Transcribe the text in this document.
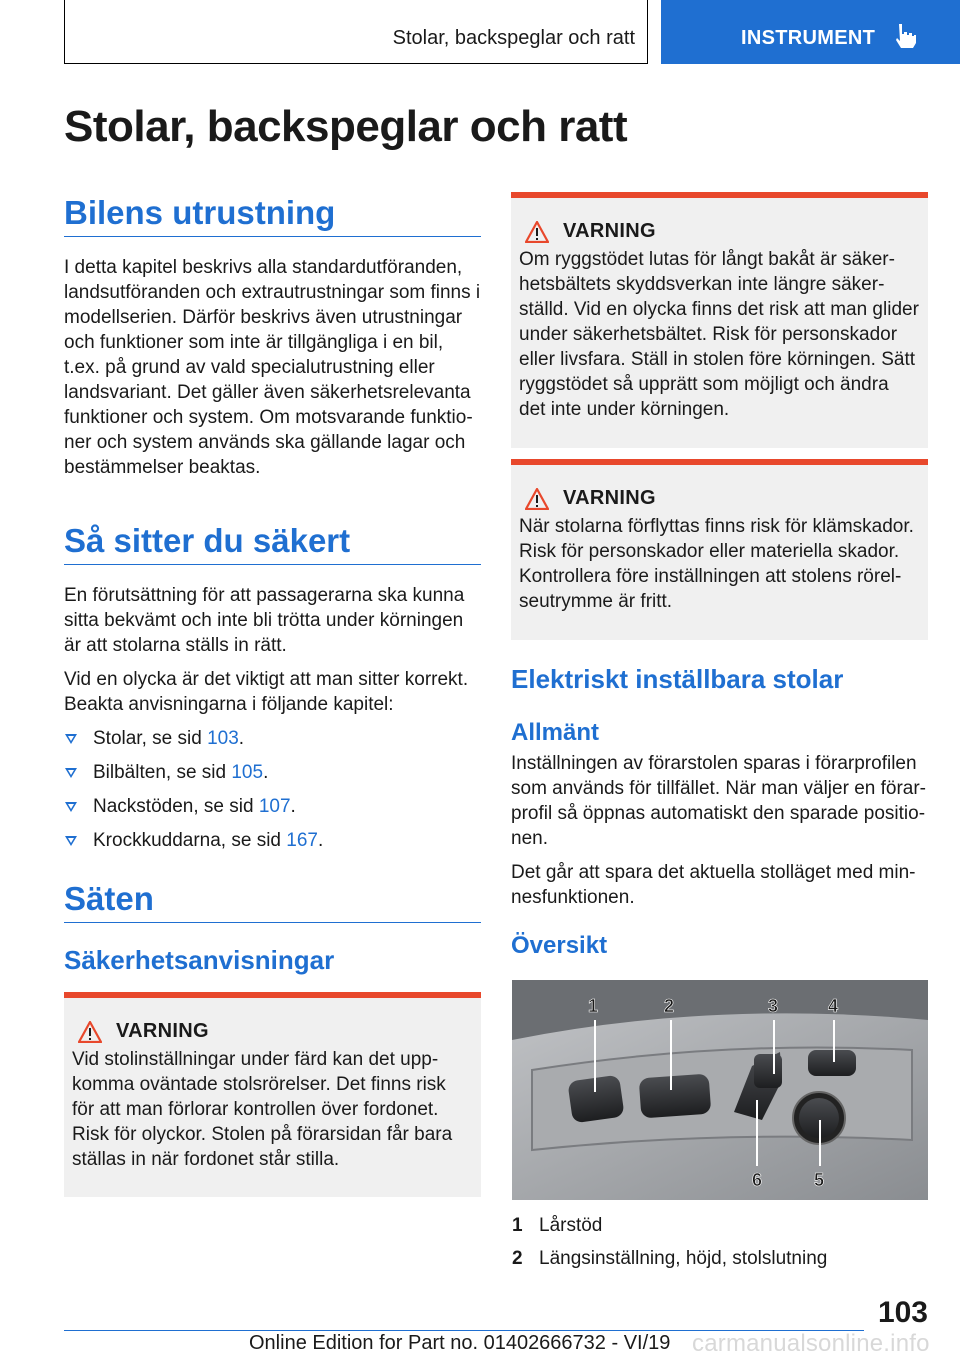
Stolar, backspeglar och ratt	INSTRUMENT
Stolar, backspeglar och ratt
Bilens utrustning

I detta kapitel beskrivs alla standardutföranden, landsutföranden och extrautrustningar som finns i modellserien. Därför beskrivs även utrustningar och funktioner som inte är tillgängliga i en bil, t.ex. på grund av vald specialutrustning eller landsvariant. Det gäller även säkerhetsrelevanta funktioner och system. Om motsvarande funktioner och system används ska gällande lagar och bestämmelser beaktas.

Så sitter du säkert

En förutsättning för att passagerarna ska kunna sitta bekvämt och inte bli trötta under körningen är att stolarna ställs in rätt.

Vid en olycka är det viktigt att man sitter korrekt. Beakta anvisningarna i följande kapitel:

Stolar, se sid 103.
Bilbälten, se sid 105.
Nackstöden, se sid 107.
Krockkuddarna, se sid 167.
Säten
Säkerhetsanvisningar
VARNING

Vid stolinställningar under färd kan det uppkomma oväntade stolsrörelser. Det finns risk för att man förlorar kontrollen över fordonet. Risk för olyckor. Stolen på förarsidan får bara ställas in när fordonet står stilla.

VARNING

Om ryggstödet lutas för långt bakåt är säkerhetsbältets skyddsverkan inte längre säkerställd. Vid en olycka finns det risk att man glider under säkerhetsbältet. Risk för personskador eller livsfara. Ställ in stolen före körningen. Sätt ryggstödet så upprätt som möjligt och ändra det inte under körningen.

VARNING

När stolarna förflyttas finns risk för klämskador. Risk för personskador eller materiella skador. Kontrollera före inställningen att stolens rörelseutrymme är fritt.

Elektriskt inställbara stolar
Allmänt

Inställningen av förarstolen sparas i förarprofilen som används för tillfället. När man väljer en förarprofil så öppnas automatiskt den sparade positionen.

Det går att spara det aktuella stolläget med minnesfunktionen.

Översikt
1	2	3	4
5
6
1 Lårstöd
2 Längsinställning, höjd, stolslutning
103
Online Edition for Part no. 01402666732 - VI/19 carmanualsonline.info
